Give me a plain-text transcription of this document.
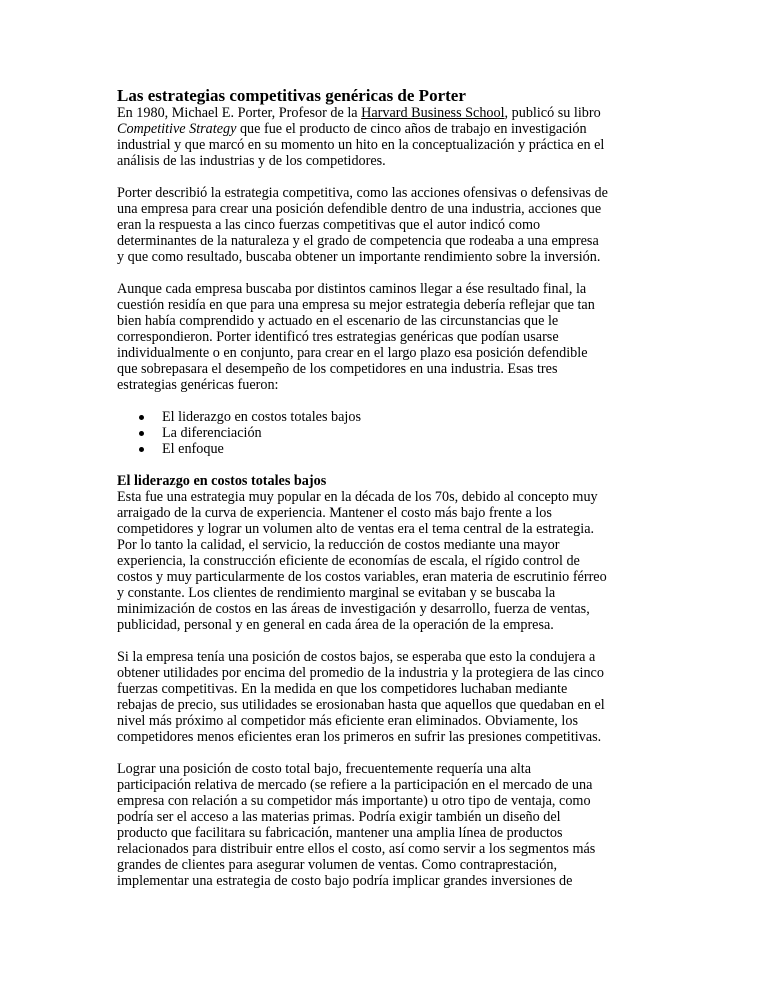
Las estrategias competitivas genéricas de Porter
En 1980, Michael E. Porter, Profesor de la Harvard Business School, publicó su libro
Competitive Strategy que fue el producto de cinco años de trabajo en investigación
industrial y que marcó en su momento un hito en la conceptualización y práctica en el
análisis de las industrias y de los competidores.
Porter describió la estrategia competitiva, como las acciones ofensivas o defensivas de
una empresa para crear una posición defendible dentro de una industria, acciones que
eran la respuesta a las cinco fuerzas competitivas que el autor indicó como
determinantes de la naturaleza y el grado de competencia que rodeaba a una empresa
y que como resultado, buscaba obtener un importante rendimiento sobre la inversión.
Aunque cada empresa buscaba por distintos caminos llegar a ése resultado final, la
cuestión residía en que para una empresa su mejor estrategia debería reflejar que tan
bien había comprendido y actuado en el escenario de las circunstancias que le
correspondieron. Porter identificó tres estrategias genéricas que podían usarse
individualmente o en conjunto, para crear en el largo plazo esa posición defendible
que sobrepasara el desempeño de los competidores en una industria. Esas tres
estrategias genéricas fueron:
El liderazgo en costos totales bajos
La diferenciación
El enfoque
El liderazgo en costos totales bajos
Esta fue una estrategia muy popular en la década de los 70s, debido al concepto muy
arraigado de la curva de experiencia. Mantener el costo más bajo frente a los
competidores y lograr un volumen alto de ventas era el tema central de la estrategia.
Por lo tanto la calidad, el servicio, la reducción de costos mediante una mayor
experiencia, la construcción eficiente de economías de escala, el rígido control de
costos y muy particularmente de los costos variables, eran materia de escrutinio férreo
y constante. Los clientes de rendimiento marginal se evitaban y se buscaba la
minimización de costos en las áreas de investigación y desarrollo, fuerza de ventas,
publicidad, personal y en general en cada área de la operación de la empresa.
Si la empresa tenía una posición de costos bajos, se esperaba que esto la condujera a
obtener utilidades por encima del promedio de la industria y la protegiera de las cinco
fuerzas competitivas. En la medida en que los competidores luchaban mediante
rebajas de precio, sus utilidades se erosionaban hasta que aquellos que quedaban en el
nivel más próximo al competidor más eficiente eran eliminados. Obviamente, los
competidores menos eficientes eran los primeros en sufrir las presiones competitivas.
Lograr una posición de costo total bajo, frecuentemente requería una alta
participación relativa de mercado (se refiere a la participación en el mercado de una
empresa con relación a su competidor más importante) u otro tipo de ventaja, como
podría ser el acceso a las materias primas. Podría exigir también un diseño del
producto que facilitara su fabricación, mantener una amplia línea de productos
relacionados para distribuir entre ellos el costo, así como servir a los segmentos más
grandes de clientes para asegurar volumen de ventas. Como contraprestación,
implementar una estrategia de costo bajo podría implicar grandes inversiones de
